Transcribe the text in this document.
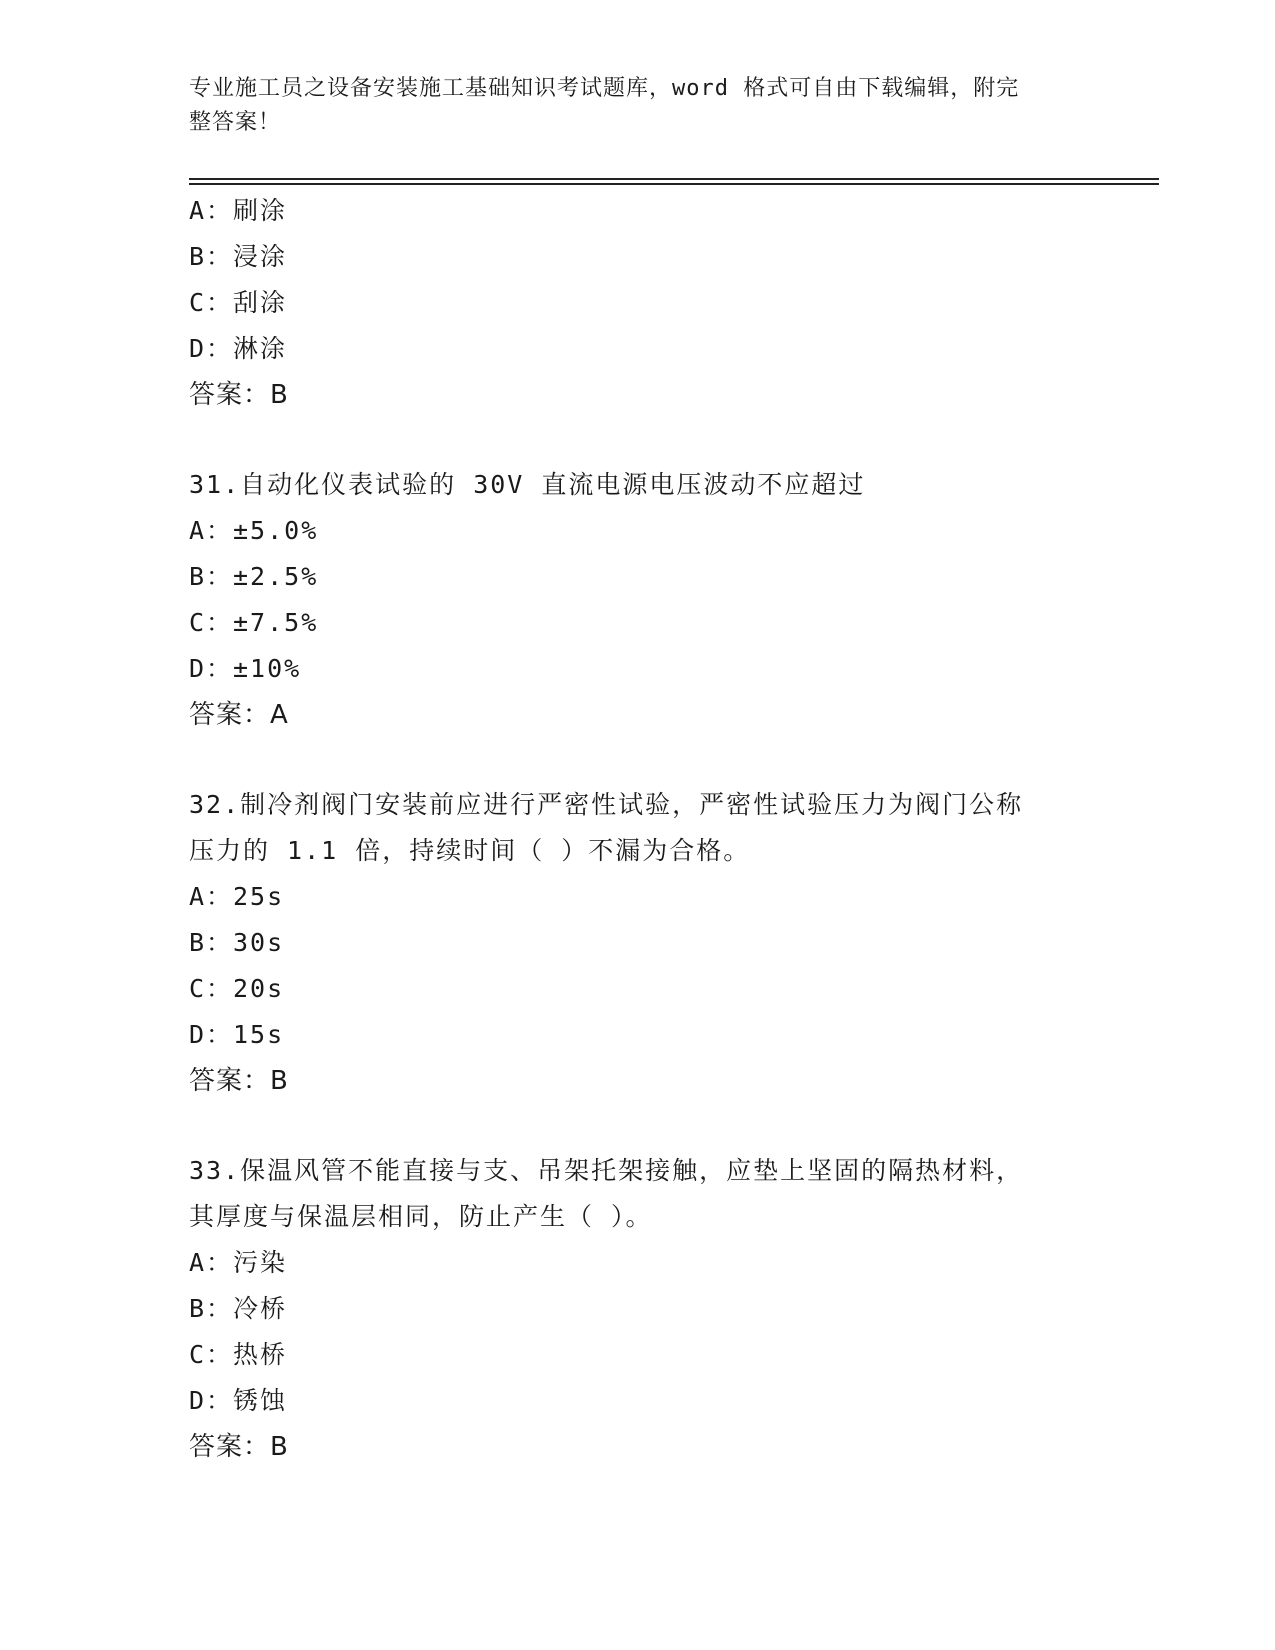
专业施工员之设备安装施工基础知识考试题库，word 格式可自由下载编辑，附完
整答案！
A：刷涂
B：浸涂
C：刮涂
D：淋涂
答案：B
31.自动化仪表试验的 30V 直流电源电压波动不应超过
A：±5.0%
B：±2.5%
C：±7.5%
D：±10%
答案：A
32.制冷剂阀门安装前应进行严密性试验，严密性试验压力为阀门公称
压力的 1.1 倍，持续时间（ ）不漏为合格。
A：25s
B：30s
C：20s
D：15s
答案：B
33.保温风管不能直接与支、吊架托架接触，应垫上坚固的隔热材料，
其厚度与保温层相同，防止产生（ ）。
A：污染
B：冷桥
C：热桥
D：锈蚀
答案：B
